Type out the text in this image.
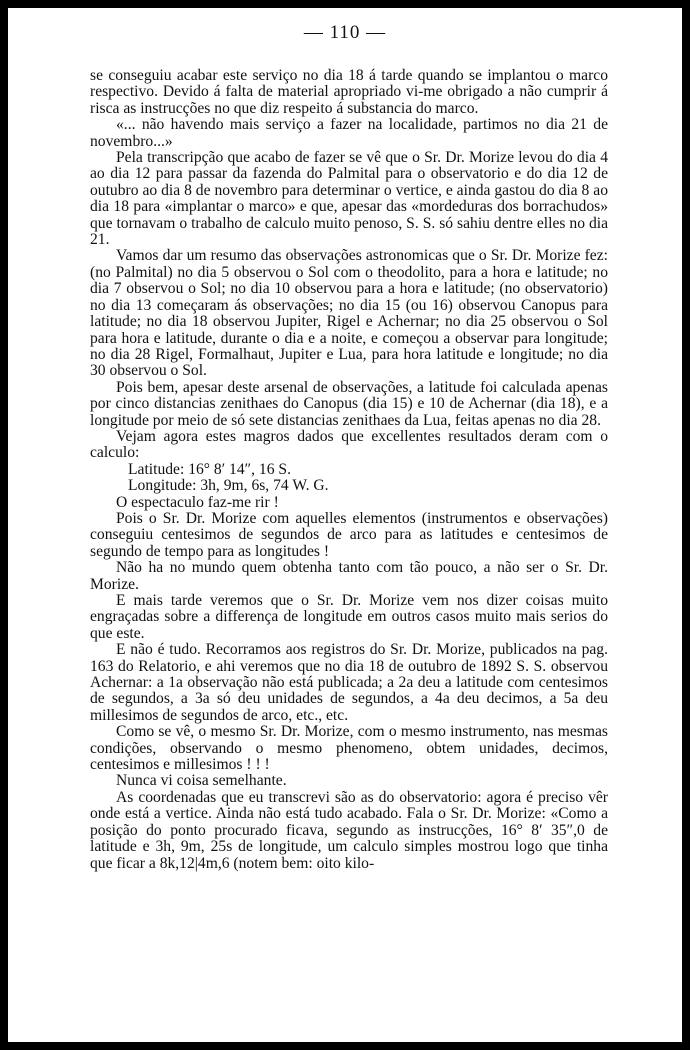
— 110 —

se conseguiu acabar este serviço no dia 18 á tarde quando se implantou o marco respectivo. Devido á falta de material apropriado vi-me obrigado a não cumprir á risca as instrucções no que diz respeito á substancia do marco.

«... não havendo mais serviço a fazer na localidade, partimos no dia 21 de novembro...»

Pela transcripção que acabo de fazer se vê que o Sr. Dr. Morize levou do dia 4 ao dia 12 para passar da fazenda do Palmital para o observatorio e do dia 12 de outubro ao dia 8 de novembro para determinar o vertice, e ainda gastou do dia 8 ao dia 18 para «implantar o marco» e que, apesar das «mordeduras dos borrachudos» que tornavam o trabalho de calculo muito penoso, S. S. só sahiu dentre elles no dia 21.

Vamos dar um resumo das observações astronomicas que o Sr. Dr. Morize fez: (no Palmital) no dia 5 observou o Sol com o theodolito, para a hora e latitude; no dia 7 observou o Sol; no dia 10 observou para a hora e latitude; (no observatorio) no dia 13 começaram ás observações; no dia 15 (ou 16) observou Canopus para latitude; no dia 18 observou Jupiter, Rigel e Achernar; no dia 25 observou o Sol para hora e latitude, durante o dia e a noite, e começou a observar para longitude; no dia 28 Rigel, Formalhaut, Jupiter e Lua, para hora latitude e longitude; no dia 30 observou o Sol.

Pois bem, apesar deste arsenal de observações, a latitude foi calculada apenas por cinco distancias zenithaes do Canopus (dia 15) e 10 de Achernar (dia 18), e a longitude por meio de só sete distancias zenithaes da Lua, feitas apenas no dia 28.

Vejam agora estes magros dados que excellentes resultados deram com o calculo:

Latitude: 16° 8′ 14″, 16 S.

Longitude: 3h, 9m, 6s, 74 W. G.

O espectaculo faz-me rir !

Pois o Sr. Dr. Morize com aquelles elementos (instrumentos e observações) conseguiu centesimos de segundos de arco para as latitudes e centesimos de segundo de tempo para as longitudes !

Não ha no mundo quem obtenha tanto com tão pouco, a não ser o Sr. Dr. Morize.

E mais tarde veremos que o Sr. Dr. Morize vem nos dizer coisas muito engraçadas sobre a differença de longitude em outros casos muito mais serios do que este.

E não é tudo. Recorramos aos registros do Sr. Dr. Morize, publicados na pag. 163 do Relatorio, e ahi veremos que no dia 18 de outubro de 1892 S. S. observou Achernar: a 1a observação não está publicada; a 2a deu a latitude com centesimos de segundos, a 3a só deu unidades de segundos, a 4a deu decimos, a 5a deu millesimos de segundos de arco, etc., etc.

Como se vê, o mesmo Sr. Dr. Morize, com o mesmo instrumento, nas mesmas condições, observando o mesmo phenomeno, obtem unidades, decimos, centesimos e millesimos ! ! !

Nunca vi coisa semelhante.

As coordenadas que eu transcrevi são as do observatorio: agora é preciso vêr onde está a vertice. Ainda não está tudo acabado. Fala o Sr. Dr. Morize: «Como a posição do ponto procurado ficava, segundo as instrucções, 16° 8′ 35″,0 de latitude e 3h, 9m, 25s de longitude, um calculo simples mostrou logo que tinha que ficar a 8k,12|4m,6 (notem bem: oito kilo-
